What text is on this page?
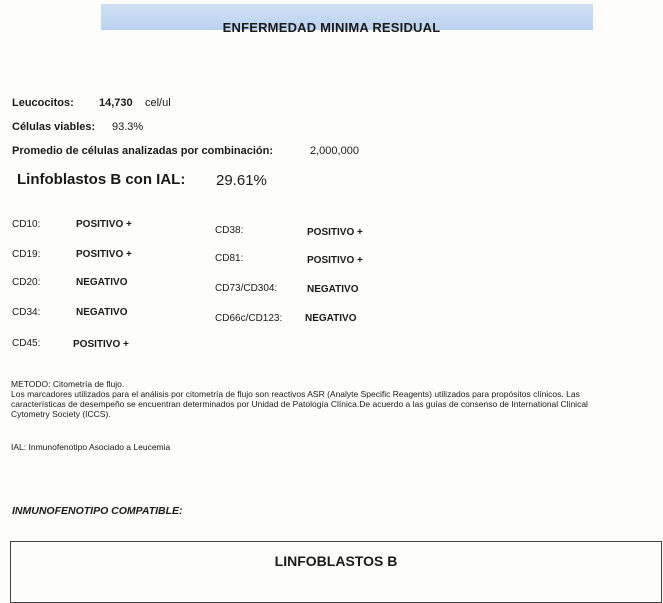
ENFERMEDAD MINIMA RESIDUAL
Leucocitos: 14,730 cel/ul
Células viables: 93.3%
Promedio de células analizadas por combinación:	2,000,000
Linfoblastos B con IAL: 29.61%
CD10:	POSITIVO +
CD19:	POSITIVO +
CD20:	NEGATIVO
CD34:	NEGATIVO
CD45:	POSITIVO +
CD38:	POSITIVO +
CD81:	POSITIVO +
CD73/CD304:	NEGATIVO
CD66c/CD123: NEGATIVO
METODO: Citometría de flujo.
Los marcadores utilizados para el análisis por citometría de flujo son reactivos ASR (Analyte Specific Reagents) utilizados para propósitos clínicos. Las características de desempeño se encuentran determinados por Unidad de Patología Clínica.De acuerdo a las guías de consenso de International Clinical Cytometry Society (ICCS).
IAL: Inmunofenotipo Asociado a Leucemia
INMUNOFENOTIPO COMPATIBLE:
LINFOBLASTOS B
